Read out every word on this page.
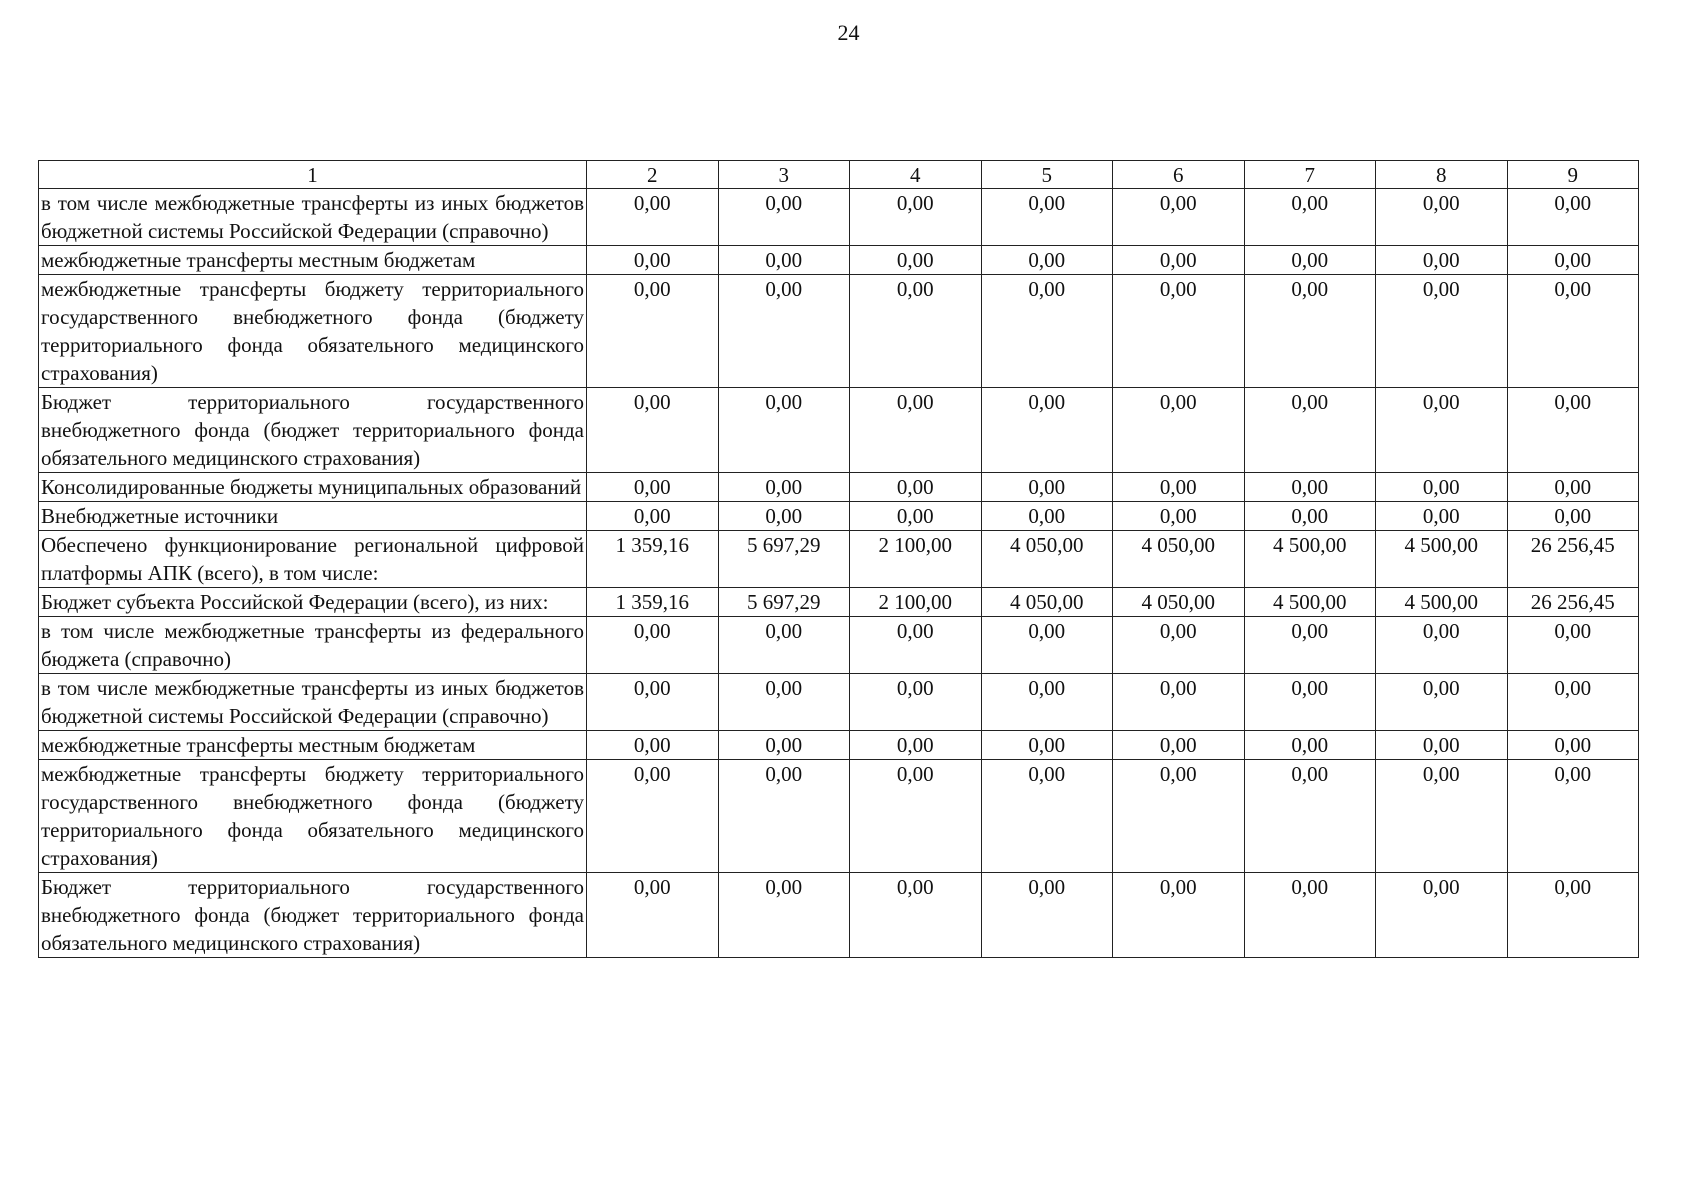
24
1	2	3	4	5	6	7	8	9
в том числе межбюджетные трансферты из иных бюджетов бюджетной системы Российской Федерации (справочно)	0,00	0,00	0,00	0,00	0,00	0,00	0,00	0,00
межбюджетные трансферты местным бюджетам	0,00	0,00	0,00	0,00	0,00	0,00	0,00	0,00
межбюджетные трансферты бюджету территориального государственного внебюджетного фонда (бюджету территориального фонда обязательного медицинского страхования)	0,00	0,00	0,00	0,00	0,00	0,00	0,00	0,00
Бюджет территориального государственного внебюджетного фонда (бюджет территориального фонда обязательного медицинского страхования)	0,00	0,00	0,00	0,00	0,00	0,00	0,00	0,00
Консолидированные бюджеты муниципальных образований	0,00	0,00	0,00	0,00	0,00	0,00	0,00	0,00
Внебюджетные источники	0,00	0,00	0,00	0,00	0,00	0,00	0,00	0,00
Обеспечено функционирование региональной цифровой платформы АПК (всего), в том числе:	1 359,16	5 697,29	2 100,00	4 050,00	4 050,00	4 500,00	4 500,00	26 256,45
Бюджет субъекта Российской Федерации (всего), из них:	1 359,16	5 697,29	2 100,00	4 050,00	4 050,00	4 500,00	4 500,00	26 256,45
в том числе межбюджетные трансферты из федерального бюджета (справочно)	0,00	0,00	0,00	0,00	0,00	0,00	0,00	0,00
в том числе межбюджетные трансферты из иных бюджетов бюджетной системы Российской Федерации (справочно)	0,00	0,00	0,00	0,00	0,00	0,00	0,00	0,00
межбюджетные трансферты местным бюджетам	0,00	0,00	0,00	0,00	0,00	0,00	0,00	0,00
межбюджетные трансферты бюджету территориального государственного внебюджетного фонда (бюджету территориального фонда обязательного медицинского страхования)	0,00	0,00	0,00	0,00	0,00	0,00	0,00	0,00
Бюджет территориального государственного внебюджетного фонда (бюджет территориального фонда обязательного медицинского страхования)	0,00	0,00	0,00	0,00	0,00	0,00	0,00	0,00
